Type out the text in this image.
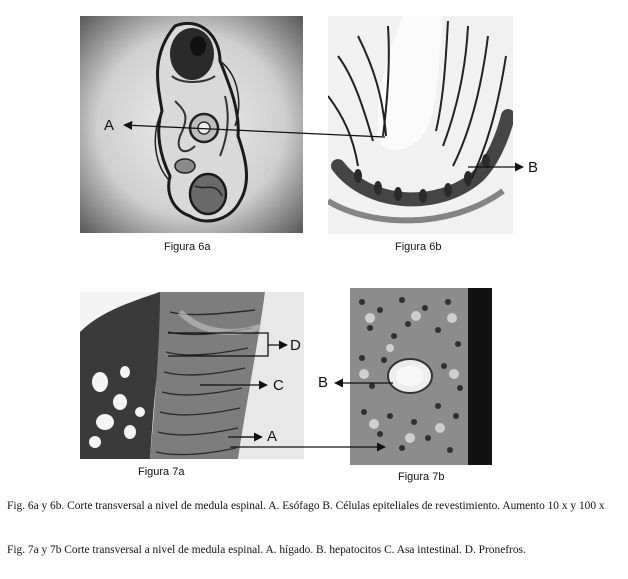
Figura 6a	Figura 6b
Figura 7a	Figura 7b
A
B
D
C
A
B
Fig. 6a y 6b. Corte transversal a nivel de medula espinal. A. Esófago B. Células epiteliales de revestimiento. Aumento 10 x y 100 x
Fig. 7a y 7b Corte transversal a nivel de medula espinal. A. hígado. B. hepatocitos C. Asa intestinal. D. Pronefros.
